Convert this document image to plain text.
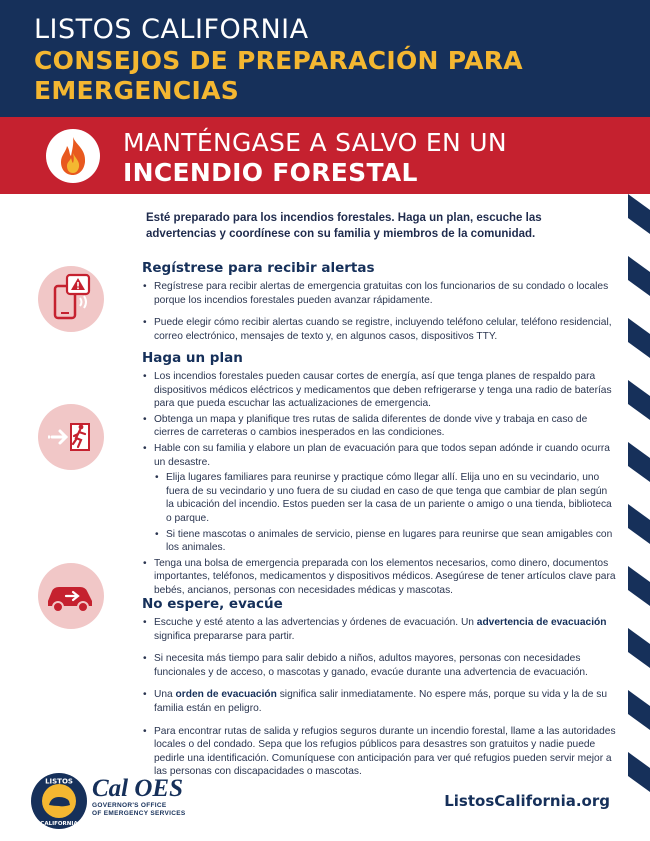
LISTOS CALIFORNIA
CONSEJOS DE PREPARACIÓN PARA
EMERGENCIAS
MANTÉNGASE A SALVO EN UN
INCENDIO FORESTAL
Esté preparado para los incendios forestales. Haga un plan, escuche las advertencias y coordínese con su familia y miembros de la comunidad.
Regístrese para recibir alertas
• Regístrese para recibir alertas de emergencia gratuitas con los funcionarios de su condado o locales porque los incendios forestales pueden avanzar rápidamente.
• Puede elegir cómo recibir alertas cuando se registre, incluyendo teléfono celular, teléfono residencial, correo electrónico, mensajes de texto y, en algunos casos, dispositivos TTY.
Haga un plan
• Los incendios forestales pueden causar cortes de energía, así que tenga planes de respaldo para dispositivos médicos eléctricos y medicamentos que deben refrigerarse y tenga una radio de baterías para que pueda escuchar las actualizaciones de emergencia.
• Obtenga un mapa y planifique tres rutas de salida diferentes de donde vive y trabaja en caso de cierres de carreteras o cambios inesperados en las condiciones.
• Hable con su familia y elabore un plan de evacuación para que todos sepan adónde ir cuando ocurra un desastre.
• Elija lugares familiares para reunirse y practique cómo llegar allí. Elija uno en su vecindario, uno fuera de su vecindario y uno fuera de su ciudad en caso de que tenga que cambiar de plan según la ubicación del incendio. Estos pueden ser la casa de un pariente o amigo o una tienda, biblioteca o parque.
• Si tiene mascotas o animales de servicio, piense en lugares para reunirse que sean amigables con los animales.
• Tenga una bolsa de emergencia preparada con los elementos necesarios, como dinero, documentos importantes, teléfonos, medicamentos y dispositivos médicos. Asegúrese de tener artículos clave para bebés, ancianos, personas con necesidades médicas y mascotas.
No espere, evacúe
• Escuche y esté atento a las advertencias y órdenes de evacuación. Un advertencia de evacuación significa prepararse para partir.
• Si necesita más tiempo para salir debido a niños, adultos mayores, personas con necesidades funcionales y de acceso, o mascotas y ganado, evacúe durante una advertencia de evacuación.
• Una orden de evacuación significa salir inmediatamente. No espere más, porque su vida y la de su familia están en peligro.
• Para encontrar rutas de salida y refugios seguros durante un incendio forestal, llame a las autoridades locales o del condado. Sepa que los refugios públicos para desastres son gratuitos y nadie puede pedirle una identificación. Comuníquese con anticipación para ver qué refugios pueden servir mejor a las personas con discapacidades o mascotas.
LISTOS
CALIFORNIA
Cal OES
GOVERNOR'S OFFICE
OF EMERGENCY SERVICES
ListosCalifornia.org
